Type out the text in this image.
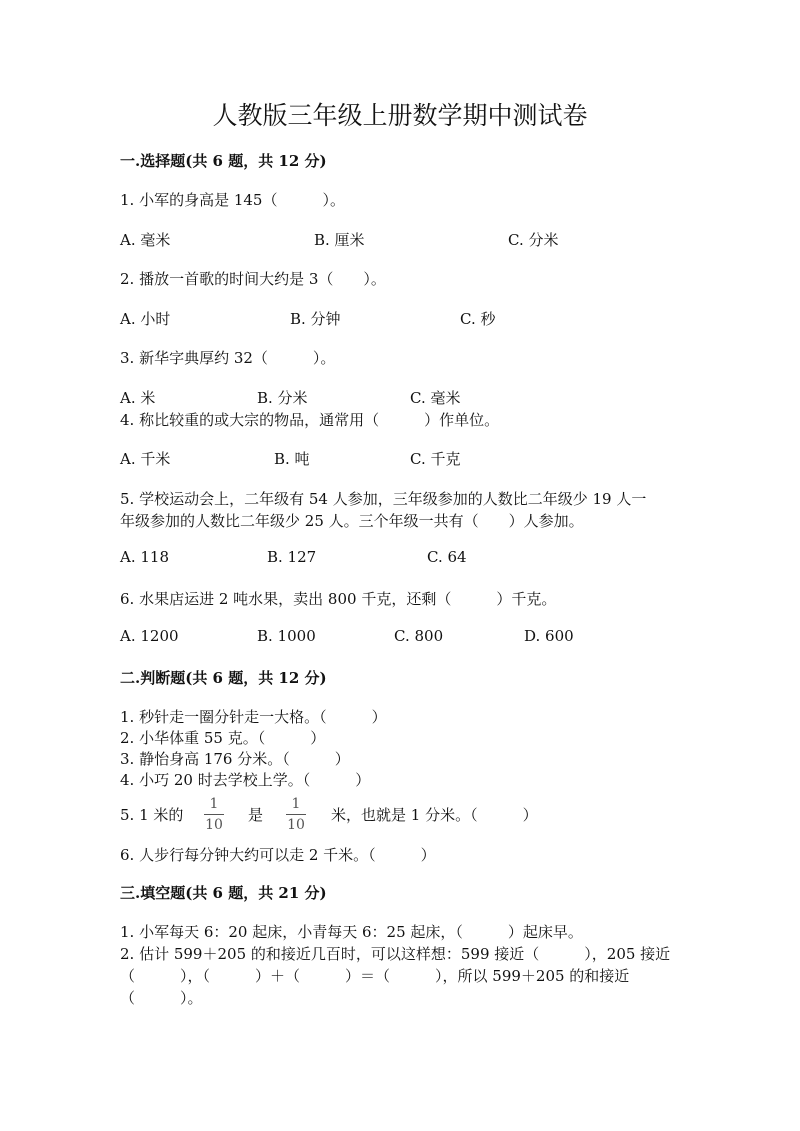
人教版三年级上册数学期中测试卷
一.选择题(共 6 题，共 12 分)
1. 小军的身高是 145（　　　）。
A. 毫米	B. 厘米	C. 分米
2. 播放一首歌的时间大约是 3（　　）。
A. 小时	B. 分钟	C. 秒
3. 新华字典厚约 32（　　　）。
A. 米	B. 分米	C. 毫米
4. 称比较重的或大宗的物品，通常用（　　　）作单位。
A. 千米	B. 吨	C. 千克
5. 学校运动会上，二年级有 54 人参加，三年级参加的人数比二年级少 19 人一
年级参加的人数比二年级少 25 人。三个年级一共有（　　）人参加。
A. 118	B. 127	C. 64
6. 水果店运进 2 吨水果，卖出 800 千克，还剩（　　　）千克。
A. 1200	B. 1000	C. 800	D. 600
二.判断题(共 6 题，共 12 分)
1. 秒针走一圈分针走一大格。（　　　）
2. 小华体重 55 克。（　　　）
3. 静怡身高 176 分米。（　　　）
4. 小巧 20 时去学校上学。（　　　）
5. 1 米的
1
10
是
1
10
米，也就是 1 分米。（　　　）
6. 人步行每分钟大约可以走 2 千米。（　　　）
三.填空题(共 6 题，共 21 分)
1. 小军每天 6：20 起床，小青每天 6：25 起床，（　　　）起床早。
2. 估计 599＋205 的和接近几百时，可以这样想：599 接近（　　　），205 接近
（　　　），（　　　）＋（　　　）＝（　　　），所以 599＋205 的和接近
（　　　）。
